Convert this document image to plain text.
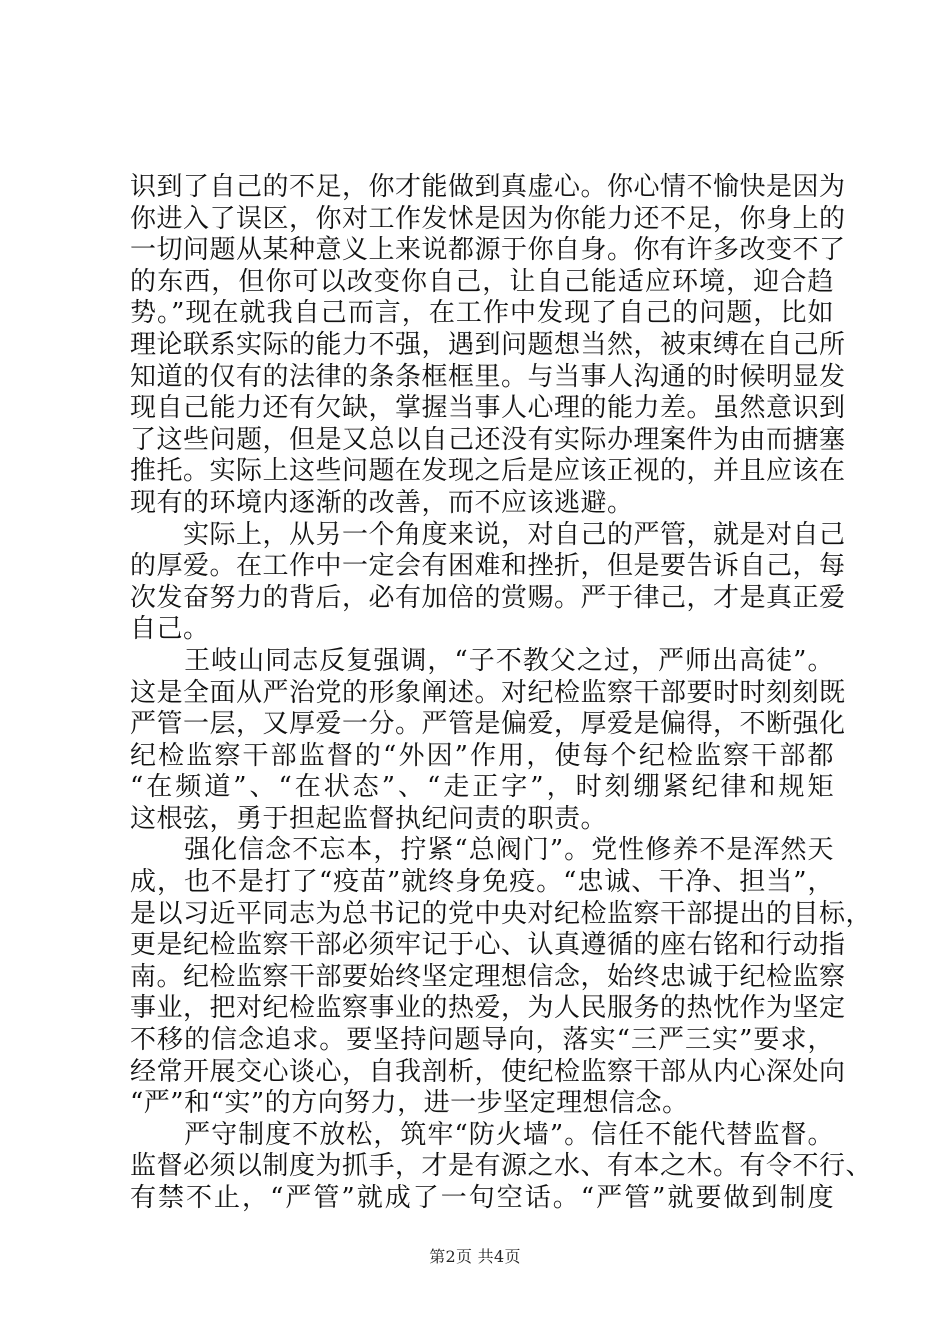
识到了自己的不足，你才能做到真虚心。你心情不愉快是因为
你进入了误区，你对工作发怵是因为你能力还不足，你身上的
一切问题从某种意义上来说都源于你自身。你有许多改变不了
的东西，但你可以改变你自己，让自己能适应环境，迎合趋
势。”现在就我自己而言，在工作中发现了自己的问题，比如
理论联系实际的能力不强，遇到问题想当然，被束缚在自己所
知道的仅有的法律的条条框框里。与当事人沟通的时候明显发
现自己能力还有欠缺，掌握当事人心理的能力差。虽然意识到
了这些问题，但是又总以自己还没有实际办理案件为由而搪塞
推托。实际上这些问题在发现之后是应该正视的，并且应该在
现有的环境内逐渐的改善，而不应该逃避。
　　实际上，从另一个角度来说，对自己的严管，就是对自己
的厚爱。在工作中一定会有困难和挫折，但是要告诉自己，每
次发奋努力的背后，必有加倍的赏赐。严于律己，才是真正爱
自己。
　　王岐山同志反复强调，“子不教父之过，严师出高徒”。
这是全面从严治党的形象阐述。对纪检监察干部要时时刻刻既
严管一层，又厚爱一分。严管是偏爱，厚爱是偏得，不断强化
纪检监察干部监督的“外因”作用，使每个纪检监察干部都
“在频道”、“在状态”、“走正字”，时刻绷紧纪律和规矩
这根弦，勇于担起监督执纪问责的职责。
　　强化信念不忘本，拧紧“总阀门”。党性修养不是浑然天
成，也不是打了“疫苗”就终身免疫。“忠诚、干净、担当”，
是以习近平同志为总书记的党中央对纪检监察干部提出的目标，
更是纪检监察干部必须牢记于心、认真遵循的座右铭和行动指
南。纪检监察干部要始终坚定理想信念，始终忠诚于纪检监察
事业，把对纪检监察事业的热爱，为人民服务的热忱作为坚定
不移的信念追求。要坚持问题导向，落实“三严三实”要求，
经常开展交心谈心，自我剖析，使纪检监察干部从内心深处向
“严”和“实”的方向努力，进一步坚定理想信念。
　　严守制度不放松，筑牢“防火墙”。信任不能代替监督。
监督必须以制度为抓手，才是有源之水、有本之木。有令不行、
有禁不止，“严管”就成了一句空话。“严管”就要做到制度
第2页 共4页
